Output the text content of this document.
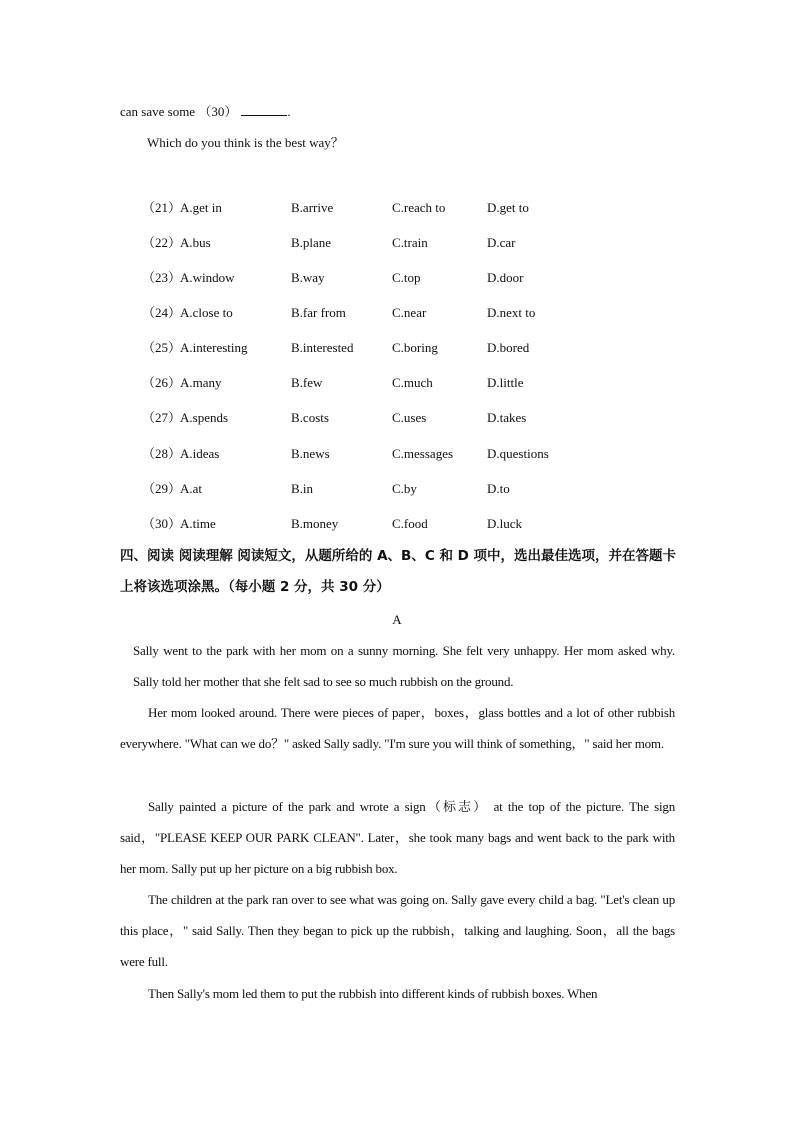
can save some （30）	.
Which do you think is the best way？
（21）
A.get in	B.arrive	C.reach to	D.get to
（22）
A.bus	B.plane	C.train	D.car
（23）
A.window	B.way	C.top	D.door
（24）
A.close to	B.far from	C.near	D.next to
（25）
A.interesting	B.interested	C.boring	D.bored
（26）
A.many	B.few	C.much	D.little
（27）
A.spends	B.costs	C.uses	D.takes
（28）
A.ideas	B.news	C.messages	D.questions
（29）
A.at	B.in	C.by	D.to
（30）
A.time	B.money	C.food	D.luck
四、阅读 阅读理解 阅读短文，从题所给的 A、B、C 和 D 项中，选出最佳选项，并在答题卡上将该选项涂黑。（每小题 2 分，共 30 分）
A
Sally went to the park with her mom on a sunny morning. She felt very unhappy. Her mom asked why. Sally told her mother that she felt sad to see so much rubbish on the ground.
Her mom looked around. There were pieces of paper，boxes，glass bottles and a lot of other rubbish everywhere. "What can we do？" asked Sally sadly. "I'm sure you will think of something，" said her mom.
Sally painted a picture of the park and wrote a sign（标志） at the top of the picture. The sign said，"PLEASE KEEP OUR PARK CLEAN". Later，she took many bags and went back to the park with her mom. Sally put up her picture on a big rubbish box.
The children at the park ran over to see what was going on. Sally gave every child a bag. "Let's clean up this place，" said Sally. Then they began to pick up the rubbish，talking and laughing. Soon，all the bags were full.
Then Sally's mom led them to put the rubbish into different kinds of rubbish boxes. When
